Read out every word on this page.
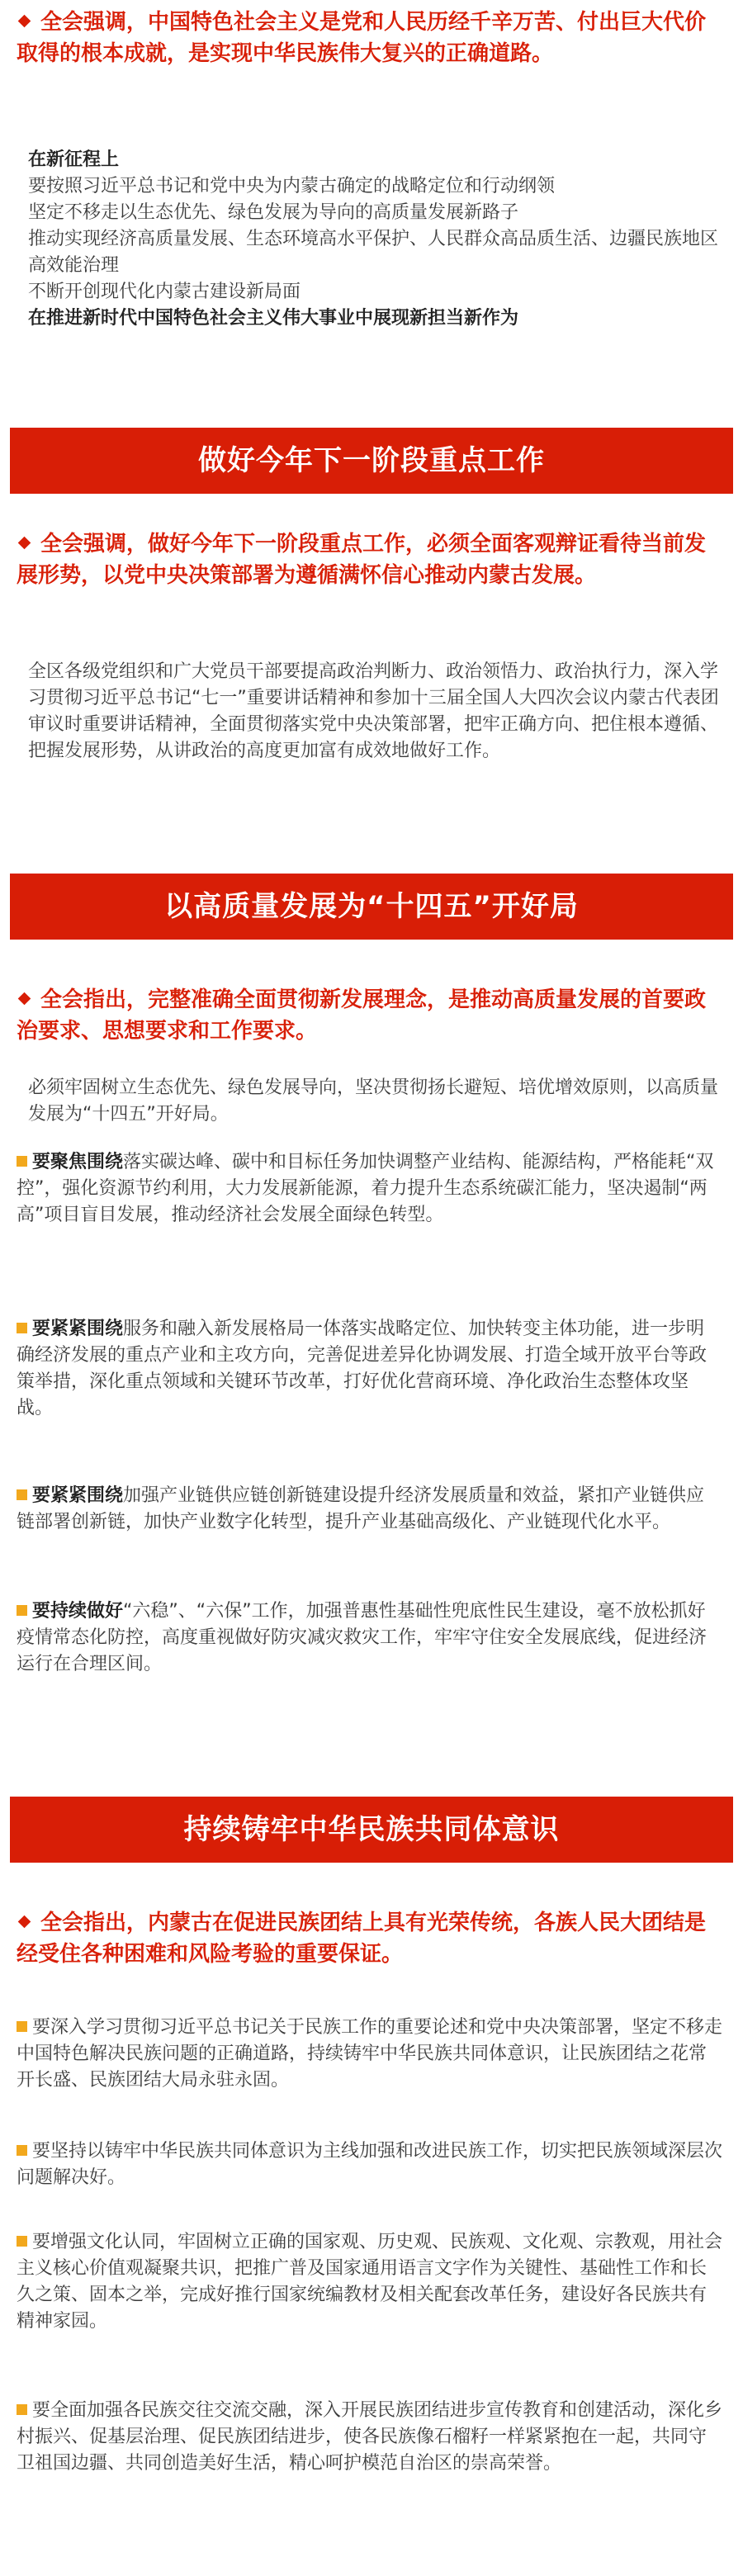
全会强调，中国特色社会主义是党和人民历经千辛万苦、付出巨大代价取得的根本成就，是实现中华民族伟大复兴的正确道路。
在新征程上
要按照习近平总书记和党中央为内蒙古确定的战略定位和行动纲领
坚定不移走以生态优先、绿色发展为导向的高质量发展新路子
推动实现经济高质量发展、生态环境高水平保护、人民群众高品质生活、边疆民族地区高效能治理
不断开创现代化内蒙古建设新局面
在推进新时代中国特色社会主义伟大事业中展现新担当新作为
做好今年下一阶段重点工作
全会强调，做好今年下一阶段重点工作，必须全面客观辩证看待当前发展形势，以党中央决策部署为遵循满怀信心推动内蒙古发展。
全区各级党组织和广大党员干部要提高政治判断力、政治领悟力、政治执行力，深入学习贯彻习近平总书记“七一”重要讲话精神和参加十三届全国人大四次会议内蒙古代表团审议时重要讲话精神，全面贯彻落实党中央决策部署，把牢正确方向、把住根本遵循、把握发展形势，从讲政治的高度更加富有成效地做好工作。
以高质量发展为“十四五”开好局
全会指出，完整准确全面贯彻新发展理念，是推动高质量发展的首要政治要求、思想要求和工作要求。
必须牢固树立生态优先、绿色发展导向，坚决贯彻扬长避短、培优增效原则，以高质量发展为“十四五”开好局。
要聚焦围绕落实碳达峰、碳中和目标任务加快调整产业结构、能源结构，严格能耗“双控”，强化资源节约利用，大力发展新能源，着力提升生态系统碳汇能力，坚决遏制“两高”项目盲目发展，推动经济社会发展全面绿色转型。
要紧紧围绕服务和融入新发展格局一体落实战略定位、加快转变主体功能，进一步明确经济发展的重点产业和主攻方向，完善促进差异化协调发展、打造全域开放平台等政策举措，深化重点领域和关键环节改革，打好优化营商环境、净化政治生态整体攻坚战。
要紧紧围绕加强产业链供应链创新链建设提升经济发展质量和效益，紧扣产业链供应链部署创新链，加快产业数字化转型，提升产业基础高级化、产业链现代化水平。
要持续做好“六稳”、“六保”工作，加强普惠性基础性兜底性民生建设，毫不放松抓好疫情常态化防控，高度重视做好防灾减灾救灾工作，牢牢守住安全发展底线，促进经济运行在合理区间。
持续铸牢中华民族共同体意识
全会指出，内蒙古在促进民族团结上具有光荣传统，各族人民大团结是经受住各种困难和风险考验的重要保证。
要深入学习贯彻习近平总书记关于民族工作的重要论述和党中央决策部署，坚定不移走中国特色解决民族问题的正确道路，持续铸牢中华民族共同体意识，让民族团结之花常开长盛、民族团结大局永驻永固。
要坚持以铸牢中华民族共同体意识为主线加强和改进民族工作，切实把民族领域深层次问题解决好。
要增强文化认同，牢固树立正确的国家观、历史观、民族观、文化观、宗教观，用社会主义核心价值观凝聚共识，把推广普及国家通用语言文字作为关键性、基础性工作和长久之策、固本之举，完成好推行国家统编教材及相关配套改革任务，建设好各民族共有精神家园。
要全面加强各民族交往交流交融，深入开展民族团结进步宣传教育和创建活动，深化乡村振兴、促基层治理、促民族团结进步，使各民族像石榴籽一样紧紧抱在一起，共同守卫祖国边疆、共同创造美好生活，精心呵护模范自治区的崇高荣誉。
